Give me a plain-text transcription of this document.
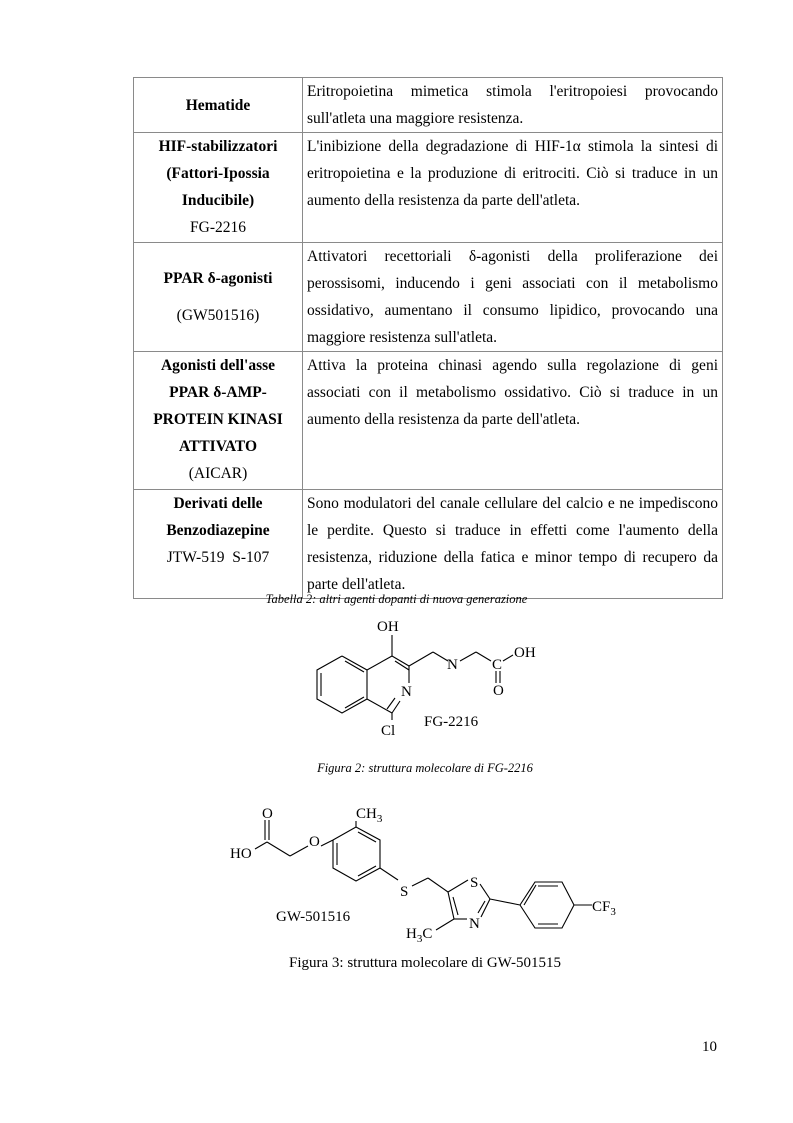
Hematide	Eritropoietina mimetica stimola l'eritropoiesi provocando sull'atleta una maggiore resistenza.
HIF-stabilizzatori (Fattori-Ipossia Inducibile)
FG-2216	L'inibizione della degradazione di HIF-1α stimola la sintesi di eritropoietina e la produzione di eritrociti. Ciò si traduce in un aumento della resistenza da parte dell'atleta.
PPAR δ-agonisti
(GW501516)	Attivatori recettoriali δ-agonisti della proliferazione dei perossisomi, inducendo i geni associati con il metabolismo ossidativo, aumentano il consumo lipidico, provocando una maggiore resistenza sull'atleta.

Agonisti dell'asse PPAR δ-AMP-PROTEIN KINASI ATTIVATO
(AICAR)	Attiva la proteina chinasi agendo sulla regolazione di geni associati con il metabolismo ossidativo. Ciò si traduce in un aumento della resistenza da parte dell'atleta.
Derivati delle Benzodiazepine
JTW-519  S-107	Sono modulatori del canale cellulare del calcio e ne impediscono le perdite. Questo si traduce in effetti come l'aumento della resistenza, riduzione della fatica e minor tempo di recupero da parte dell'atleta.
Tabella 2: altri agenti dopanti di nuova generazione
OH
N
Cl
N C
O
OH
FG-2216
Figura 2: struttura molecolare di FG-2216
O
HO
O
$CH_3$
S
S
N
$H_3C$
$CF_3$
GW-501516
Figura 3: struttura molecolare di GW-501515
10
